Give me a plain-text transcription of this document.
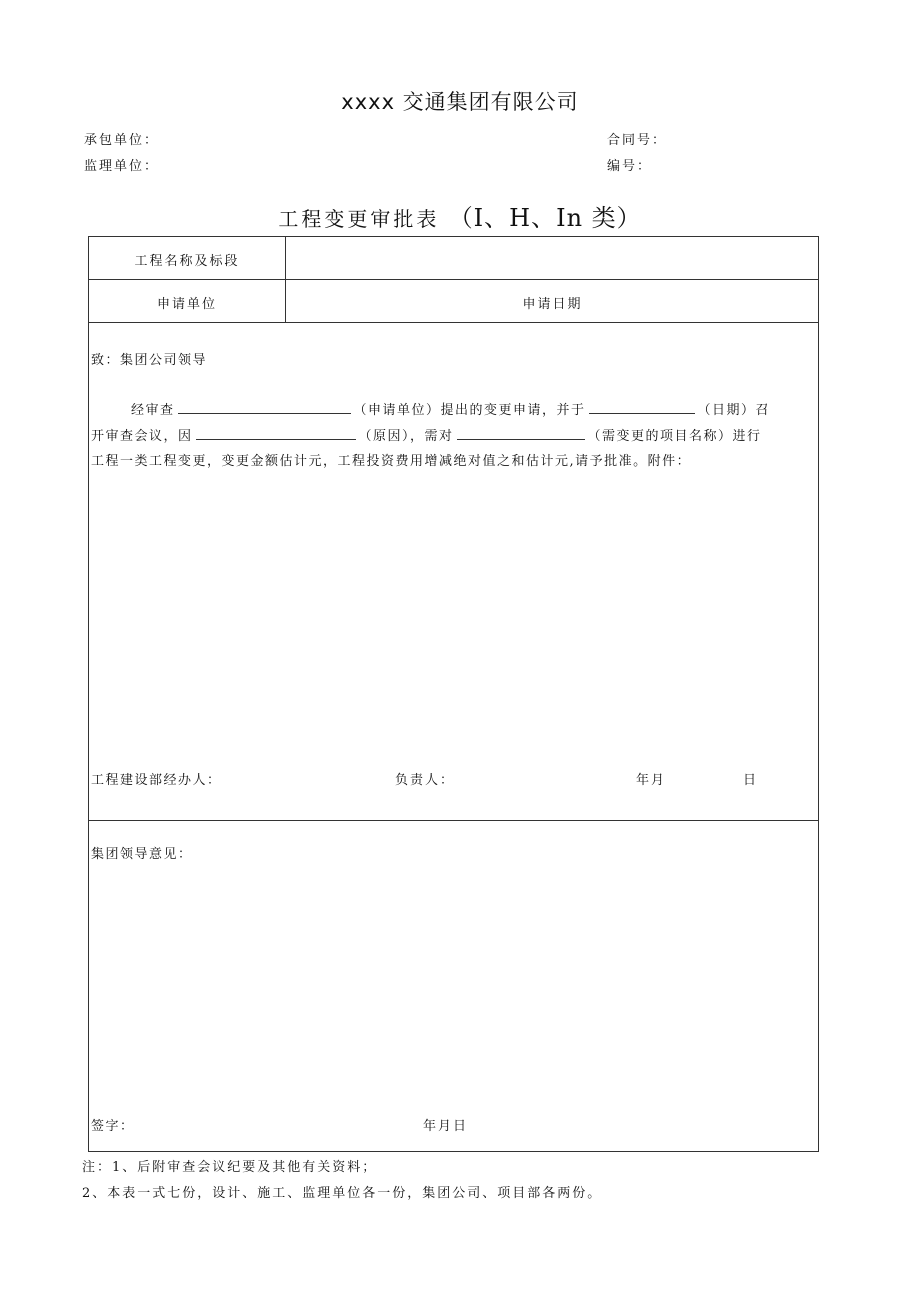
xxxx 交通集团有限公司
承包单位：	合同号：
监理单位：	编号：
工程变更审批表 （I、H、In 类）
工程名称及标段
申请单位	申请日期
致：集团公司领导
经审查	（申请单位）提出的变更申请，并于	（日期）召
开审查会议，因	（原因），需对	（需变更的项目名称）进行
工程一类工程变更，变更金额估计元，工程投资费用增减绝对值之和估计元,请予批准。附件：
工程建设部经办人：	负责人：	年月	日
集团领导意见：
签字：	年月日
注：1、后附审查会议纪要及其他有关资料；
2、本表一式七份，设计、施工、监理单位各一份，集团公司、项目部各两份。
